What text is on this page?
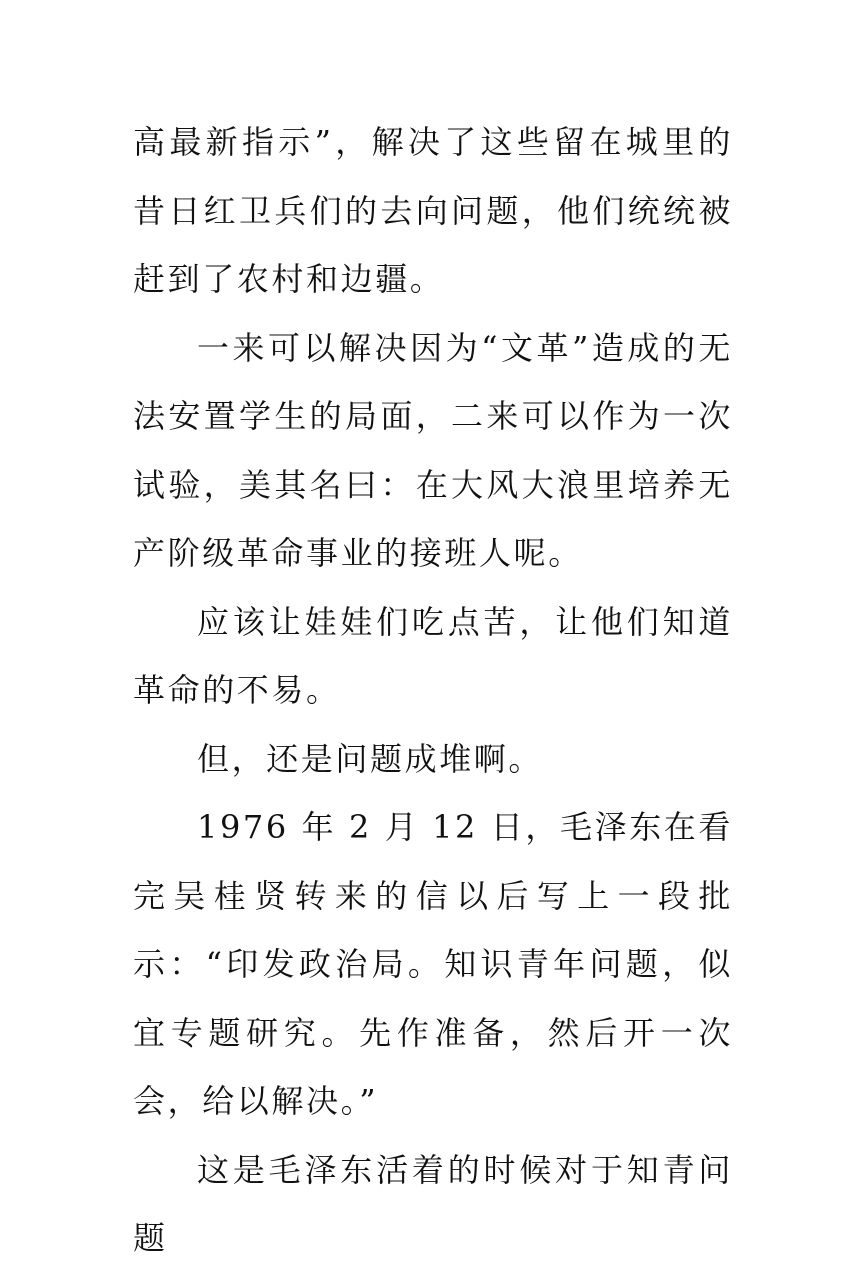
高最新指示”，解决了这些留在城里的昔日红卫兵们的去向问题，他们统统被赶到了农村和边疆。

一来可以解决因为“文革”造成的无法安置学生的局面，二来可以作为一次试验，美其名曰：在大风大浪里培养无产阶级革命事业的接班人呢。

应该让娃娃们吃点苦，让他们知道革命的不易。

但，还是问题成堆啊。

1976 年 2 月 12 日，毛泽东在看完吴桂贤转来的信以后写上一段批示：“印发政治局。知识青年问题，似宜专题研究。先作准备，然后开一次会，给以解决。”

这是毛泽东活着的时候对于知青问题
